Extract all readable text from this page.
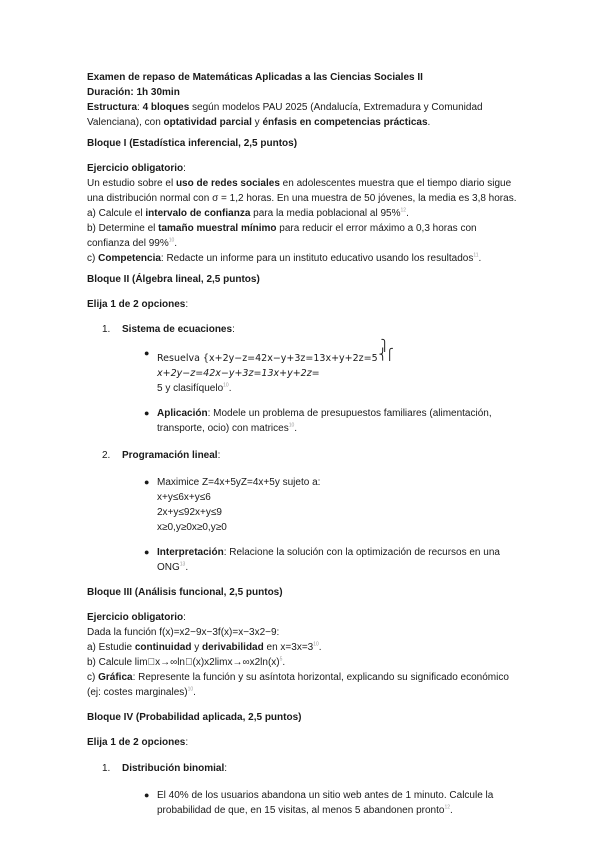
Examen de repaso de Matemáticas Aplicadas a las Ciencias Sociales II
Duración: 1h 30min
Estructura: 4 bloques según modelos PAU 2025 (Andalucía, Extremadura y Comunidad Valenciana), con optatividad parcial y énfasis en competencias prácticas.
Bloque I (Estadística inferencial, 2,5 puntos)
Ejercicio obligatorio:
Un estudio sobre el uso de redes sociales en adolescentes muestra que el tiempo diario sigue una distribución normal con σ = 1,2 horas. En una muestra de 50 jóvenes, la media es 3,8 horas.
a) Calcule el intervalo de confianza para la media poblacional al 95%$^{12}$.
b) Determine el tamaño muestral mínimo para reducir el error máximo a 0,3 horas con confianza del 99%$^{10}$.
c) Competencia: Redacte un informe para un instituto educativo usando los resultados$^{11}$.
Bloque II (Álgebra lineal, 2,5 puntos)
Elija 1 de 2 opciones:
1. Sistema de ecuaciones:
● Resuelva {x+2y−z=42x−y+3z=13x+y+2z=5
⎫
⎨
⎧
x+2y−z=42x−y+3z=13x+y+2z=
5 y clasifíquelo$^{10}$.
● Aplicación: Modele un problema de presupuestos familiares (alimentación, transporte, ocio) con matrices$^{10}$.
2. Programación lineal:
● Maximice Z=4x+5yZ=4x+5y sujeto a:
x+y≤6x+y≤6
2x+y≤92x+y≤9
x≥0,y≥0x≥0,y≥0
● Interpretación: Relacione la solución con la optimización de recursos en una ONG$^{13}$.
Bloque III (Análisis funcional, 2,5 puntos)
Ejercicio obligatorio:
Dada la función f(x)=x2−9x−3f(x)=x−3x2−9:
a) Estudie continuidad y derivabilidad en x=3x=3$^{10}$.
b) Calcule lim x→∞ln (x)x2limx→∞x2ln(x)$^5$.
c) Gráfica: Represente la función y su asíntota horizontal, explicando su significado económico (ej: costes marginales)$^{10}$.
Bloque IV (Probabilidad aplicada, 2,5 puntos)
Elija 1 de 2 opciones:
1. Distribución binomial:
● El 40% de los usuarios abandona un sitio web antes de 1 minuto. Calcule la probabilidad de que, en 15 visitas, al menos 5 abandonen pronto$^{12}$.
